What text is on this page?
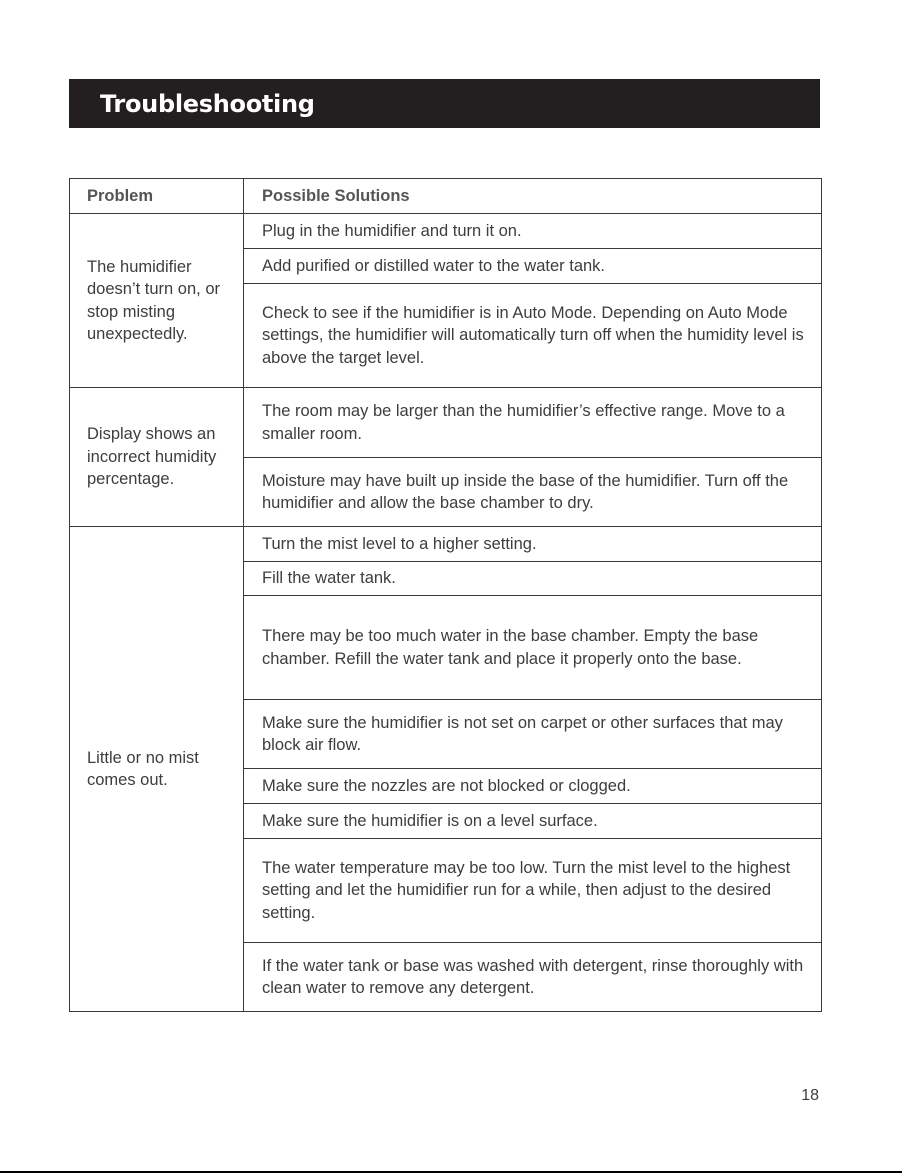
Troubleshooting
Problem	Possible Solutions

The humidifier doesn’t turn on, or stop misting unexpectedly.	Plug in the humidifier and turn it on.

	Add purified or distilled water to the water tank.

	Check to see if the humidifier is in Auto Mode. Depending on Auto Mode settings, the humidifier will automatically turn off when the humidity level is above the target level.

Display shows an incorrect humidity percentage.	The room may be larger than the humidifier’s effective range. Move to a smaller room.

	Moisture may have built up inside the base of the humidifier. Turn off the humidifier and allow the base chamber to dry.

Little or no mist comes out.	Turn the mist level to a higher setting.

	Fill the water tank.

	There may be too much water in the base chamber. Empty the base chamber. Refill the water tank and place it properly onto the base.

	Make sure the humidifier is not set on carpet or other surfaces that may block air flow.

	Make sure the nozzles are not blocked or clogged.

	Make sure the humidifier is on a level surface.

	The water temperature may be too low. Turn the mist level to the highest setting and let the humidifier run for a while, then adjust to the desired setting.

	If the water tank or base was washed with detergent, rinse thoroughly with clean water to remove any detergent.
18
